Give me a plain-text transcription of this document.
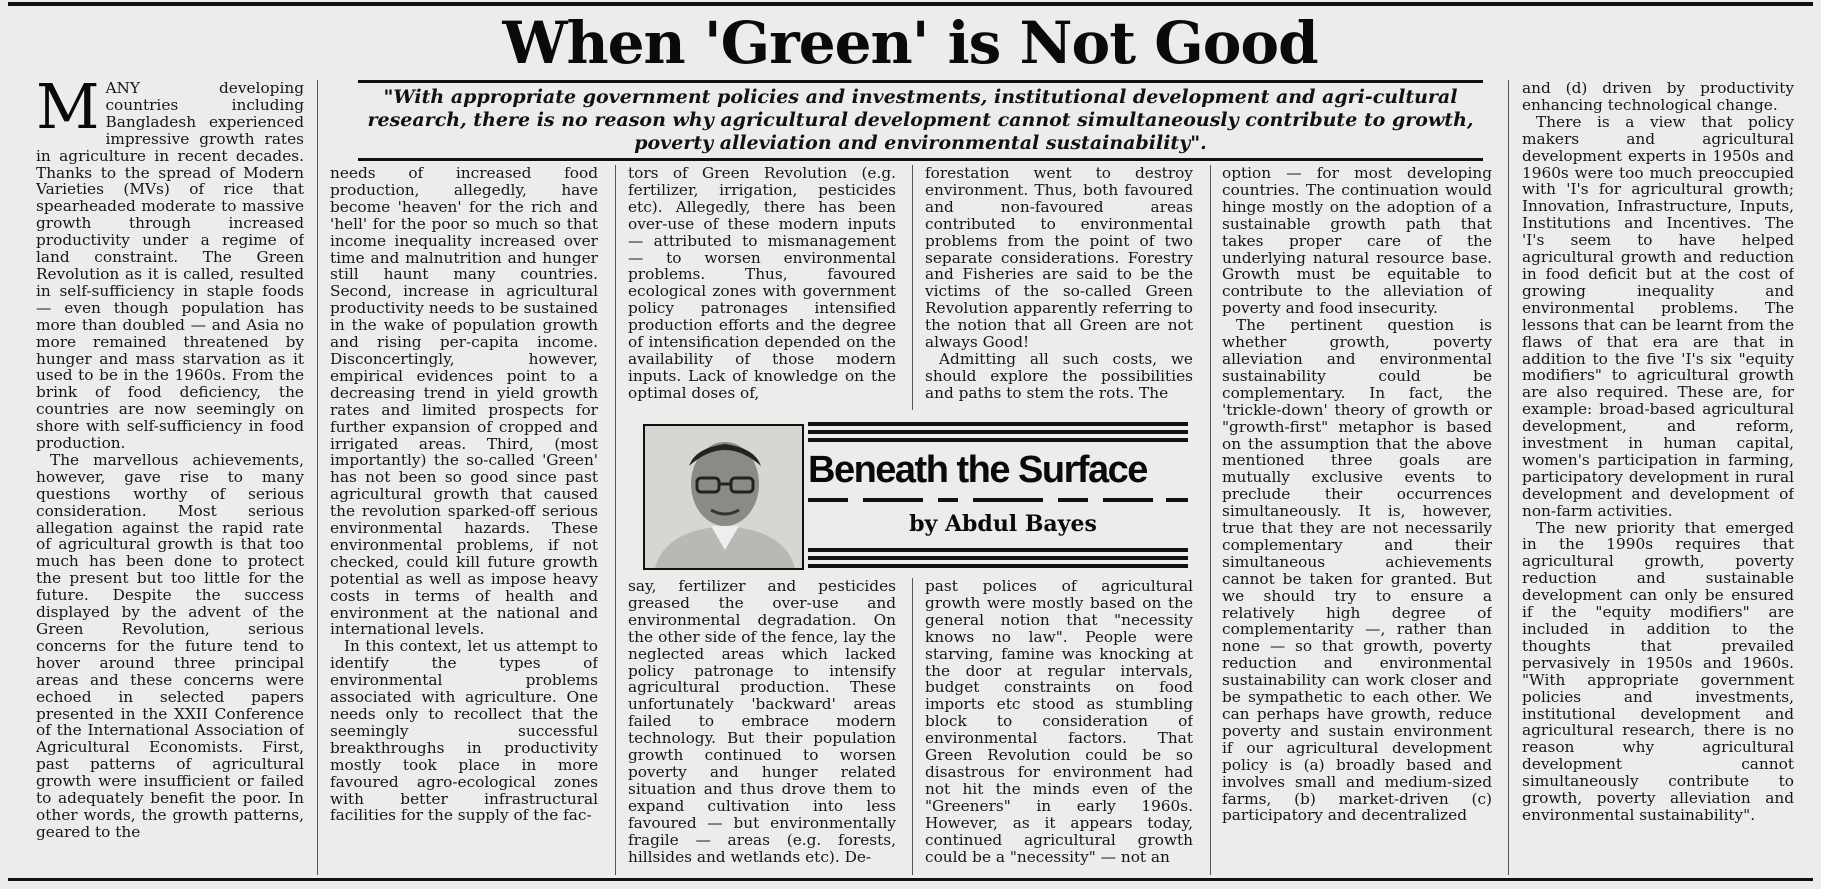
When 'Green' is Not Good
"With appropriate government policies and investments, institutional development and agri-cultural research, there is no reason why agricultural development cannot simultaneously contribute to growth, poverty alleviation and environmental sustainability".
M ANY developing countries including Bangladesh experienced impressive growth rates in agriculture in recent decades. Thanks to the spread of Modern Varieties (MVs) of rice that spearheaded moderate to massive growth through increased productivity under a regime of land constraint. The Green Revolution as it is called, resulted in self-sufficiency in staple foods — even though population has more than doubled — and Asia no more remained threatened by hunger and mass starvation as it used to be in the 1960s. From the brink of food deficiency, the countries are now seemingly on shore with self-sufficiency in food production.

The marvellous achievements, however, gave rise to many questions worthy of serious consideration. Most serious allegation against the rapid rate of agricultural growth is that too much has been done to protect the present but too little for the future. Despite the success displayed by the advent of the Green Revolution, serious concerns for the future tend to hover around three principal areas and these concerns were echoed in selected papers presented in the XXII Conference of the International Association of Agricultural Economists. First, past patterns of agricultural growth were insufficient or failed to adequately benefit the poor. In other words, the growth patterns, geared to the

needs of increased food production, allegedly, have become 'heaven' for the rich and 'hell' for the poor so much so that income inequality increased over time and malnutrition and hunger still haunt many countries. Second, increase in agricultural productivity needs to be sustained in the wake of population growth and rising per-capita income. Disconcertingly, however, empirical evidences point to a decreasing trend in yield growth rates and limited prospects for further expansion of cropped and irrigated areas. Third, (most importantly) the so-called 'Green' has not been so good since past agricultural growth that caused the revolution sparked-off serious environmental hazards. These environmental problems, if not checked, could kill future growth potential as well as impose heavy costs in terms of health and environment at the national and international levels.

In this context, let us attempt to identify the types of environmental problems associated with agriculture. One needs only to recollect that the seemingly successful breakthroughs in productivity mostly took place in more favoured agro-ecological zones with better infrastructural facilities for the supply of the fac-

tors of Green Revolution (e.g. fertilizer, irrigation, pesticides etc). Allegedly, there has been over-use of these modern inputs — attributed to mismanagement — to worsen environmental problems. Thus, favoured ecological zones with government policy patronages intensified production efforts and the degree of intensification depended on the availability of those modern inputs. Lack of knowledge on the optimal doses of,

forestation went to destroy environment. Thus, both favoured and non-favoured areas contributed to environmental problems from the point of two separate considerations. Forestry and Fisheries are said to be the victims of the so-called Green Revolution apparently referring to the notion that all Green are not always Good!

Admitting all such costs, we should explore the possibilities and paths to stem the rots. The

Beneath the Surface
by Abdul Bayes

say, fertilizer and pesticides greased the over-use and environmental degradation. On the other side of the fence, lay the neglected areas which lacked policy patronage to intensify agricultural production. These unfortunately 'backward' areas failed to embrace modern technology. But their population growth continued to worsen poverty and hunger related situation and thus drove them to expand cultivation into less favoured — but environmentally fragile — areas (e.g. forests, hillsides and wetlands etc). De-

past polices of agricultural growth were mostly based on the general notion that "necessity knows no law". People were starving, famine was knocking at the door at regular intervals, budget constraints on food imports etc stood as stumbling block to consideration of environmental factors. That Green Revolution could be so disastrous for environment had not hit the minds even of the "Greeners" in early 1960s. However, as it appears today, continued agricultural growth could be a "necessity" — not an

option — for most developing countries. The continuation would hinge mostly on the adoption of a sustainable growth path that takes proper care of the underlying natural resource base. Growth must be equitable to contribute to the alleviation of poverty and food insecurity.

The pertinent question is whether growth, poverty alleviation and environmental sustainability could be complementary. In fact, the 'trickle-down' theory of growth or "growth-first" metaphor is based on the assumption that the above mentioned three goals are mutually exclusive events to preclude their occurrences simultaneously. It is, however, true that they are not necessarily complementary and their simultaneous achievements cannot be taken for granted. But we should try to ensure a relatively high degree of complementarity —, rather than none — so that growth, poverty reduction and environmental sustainability can work closer and be sympathetic to each other. We can perhaps have growth, reduce poverty and sustain environment if our agricultural development policy is (a) broadly based and involves small and medium-sized farms, (b) market-driven (c) participatory and decentralized

and (d) driven by productivity enhancing technological change.

There is a view that policy makers and agricultural development experts in 1950s and 1960s were too much preoccupied with 'I's for agricultural growth; Innovation, Infrastructure, Inputs, Institutions and Incentives. The 'I's seem to have helped agricultural growth and reduction in food deficit but at the cost of growing inequality and environmental problems. The lessons that can be learnt from the flaws of that era are that in addition to the five 'I's six "equity modifiers" to agricultural growth are also required. These are, for example: broad-based agricultural development, and reform, investment in human capital, women's participation in farming, participatory development in rural development and development of non-farm activities.

The new priority that emerged in the 1990s requires that agricultural growth, poverty reduction and sustainable development can only be ensured if the "equity modifiers" are included in addition to the thoughts that prevailed pervasively in 1950s and 1960s. "With appropriate government policies and investments, institutional development and agricultural research, there is no reason why agricultural development cannot simultaneously contribute to growth, poverty alleviation and environmental sustainability".
